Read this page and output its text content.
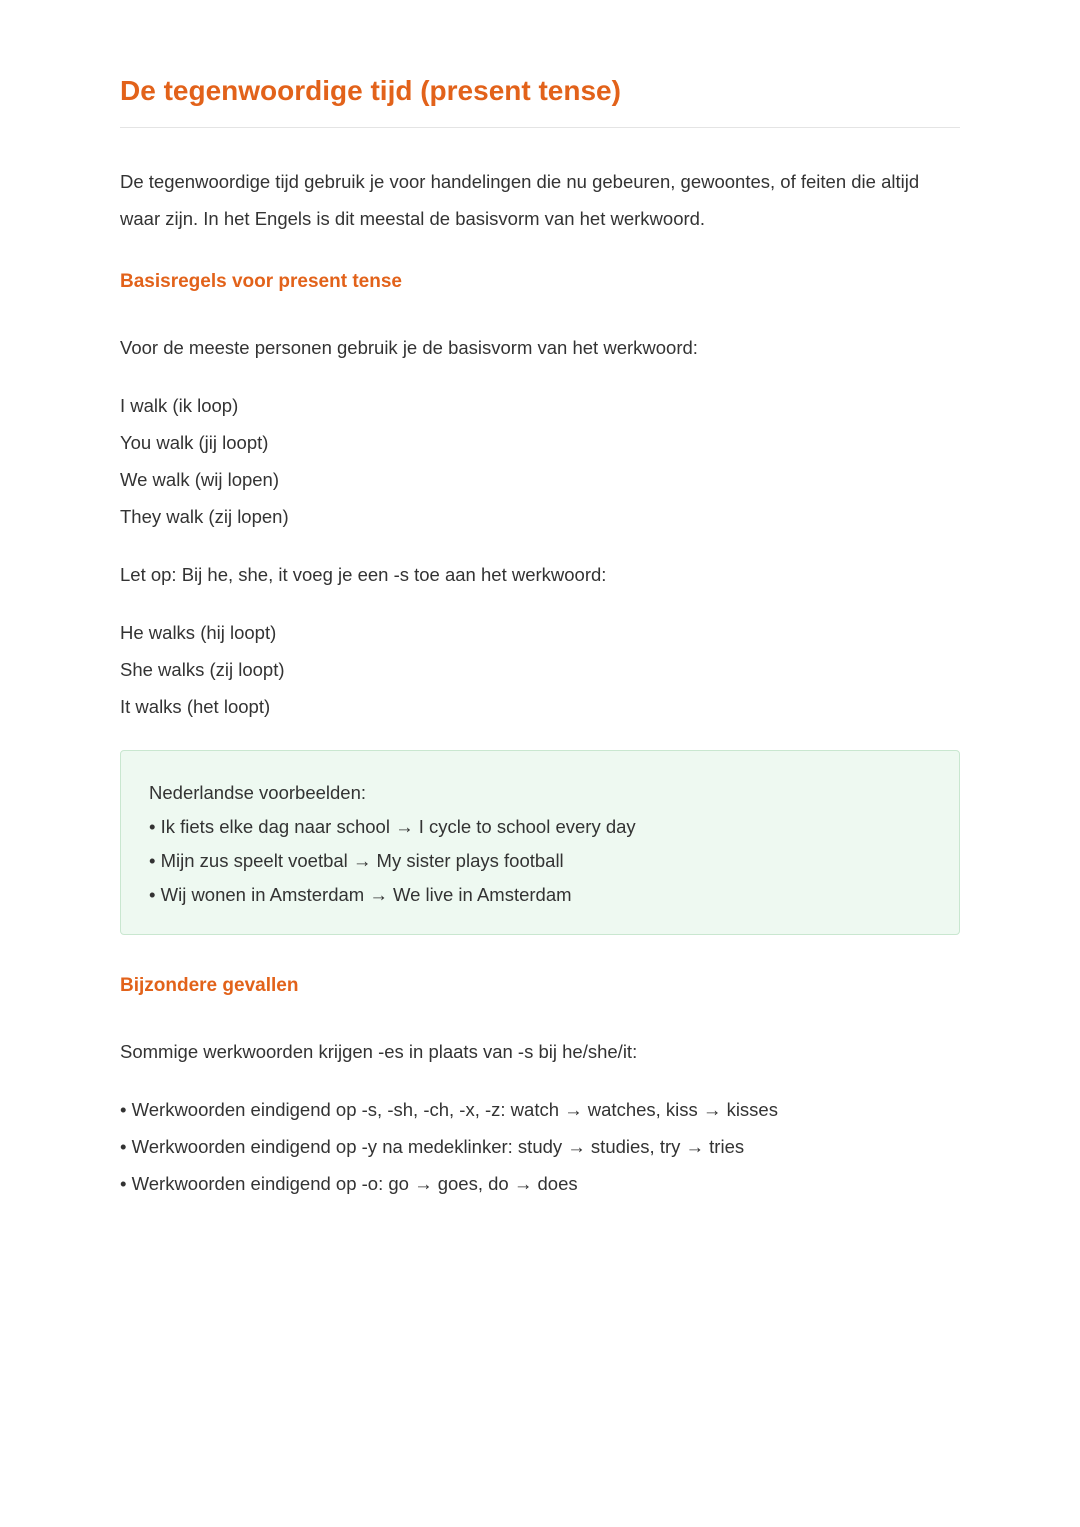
De tegenwoordige tijd (present tense)

De tegenwoordige tijd gebruik je voor handelingen die nu gebeuren, gewoontes, of feiten die altijd waar zijn. In het Engels is dit meestal de basisvorm van het werkwoord.

Basisregels voor present tense

Voor de meeste personen gebruik je de basisvorm van het werkwoord:

I walk (ik loop)

You walk (jij loopt)

We walk (wij lopen)

They walk (zij lopen)

Let op: Bij he, she, it voeg je een -s toe aan het werkwoord:

He walks (hij loopt)

She walks (zij loopt)

It walks (het loopt)

Nederlandse voorbeelden:

• Ik fiets elke dag naar school → I cycle to school every day

• Mijn zus speelt voetbal → My sister plays football

• Wij wonen in Amsterdam → We live in Amsterdam

Bijzondere gevallen

Sommige werkwoorden krijgen -es in plaats van -s bij he/she/it:

• Werkwoorden eindigend op -s, -sh, -ch, -x, -z: watch → watches, kiss → kisses

• Werkwoorden eindigend op -y na medeklinker: study → studies, try → tries

• Werkwoorden eindigend op -o: go → goes, do → does
